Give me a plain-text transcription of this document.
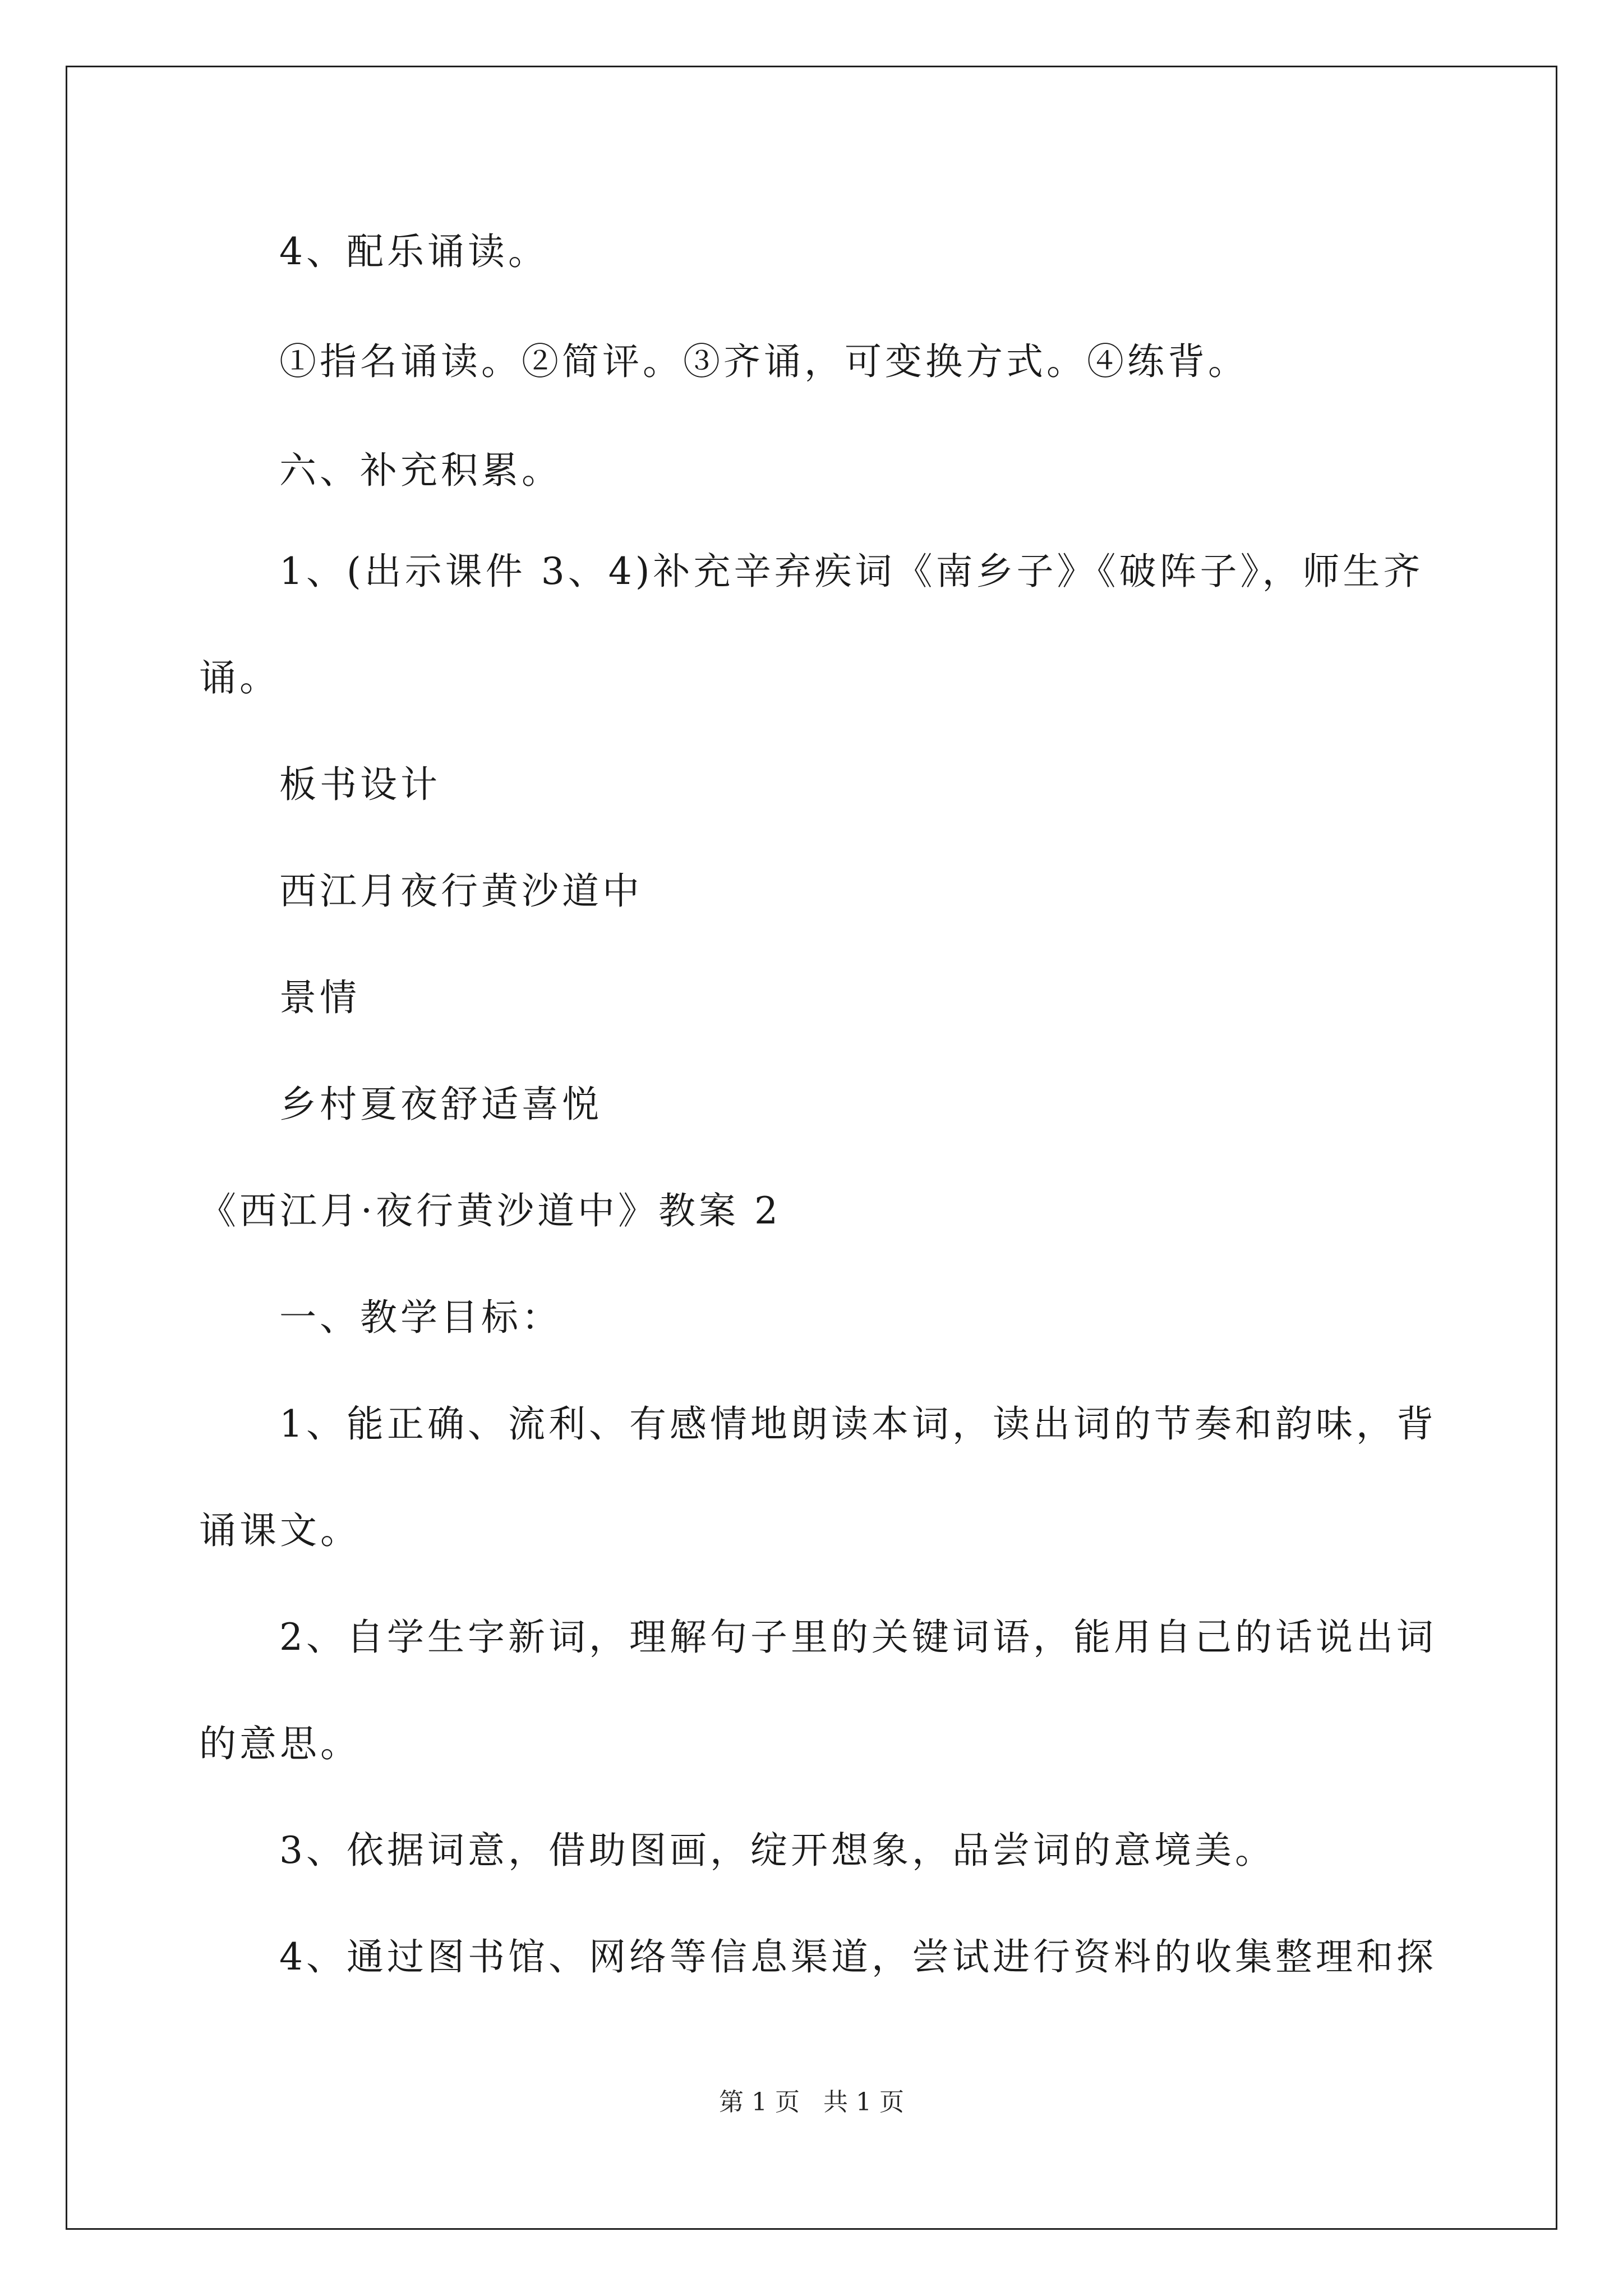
4、配乐诵读。
①指名诵读。②简评。③齐诵，可变换方式。④练背。
六、补充积累。
1、(出示课件 3、4)补充辛弃疾词《南乡子》《破阵子》，师生齐
诵。
板书设计
西江月夜行黄沙道中
景情
乡村夏夜舒适喜悦
《西江月·夜行黄沙道中》教案 2
一、教学目标：
1、能正确、流利、有感情地朗读本词，读出词的节奏和韵味，背
诵课文。
2、自学生字新词，理解句子里的关键词语，能用自己的话说出词
的意思。
3、依据词意，借助图画，绽开想象，品尝词的意境美。
4、通过图书馆、网络等信息渠道，尝试进行资料的收集整理和探
第 1 页   共 1 页
